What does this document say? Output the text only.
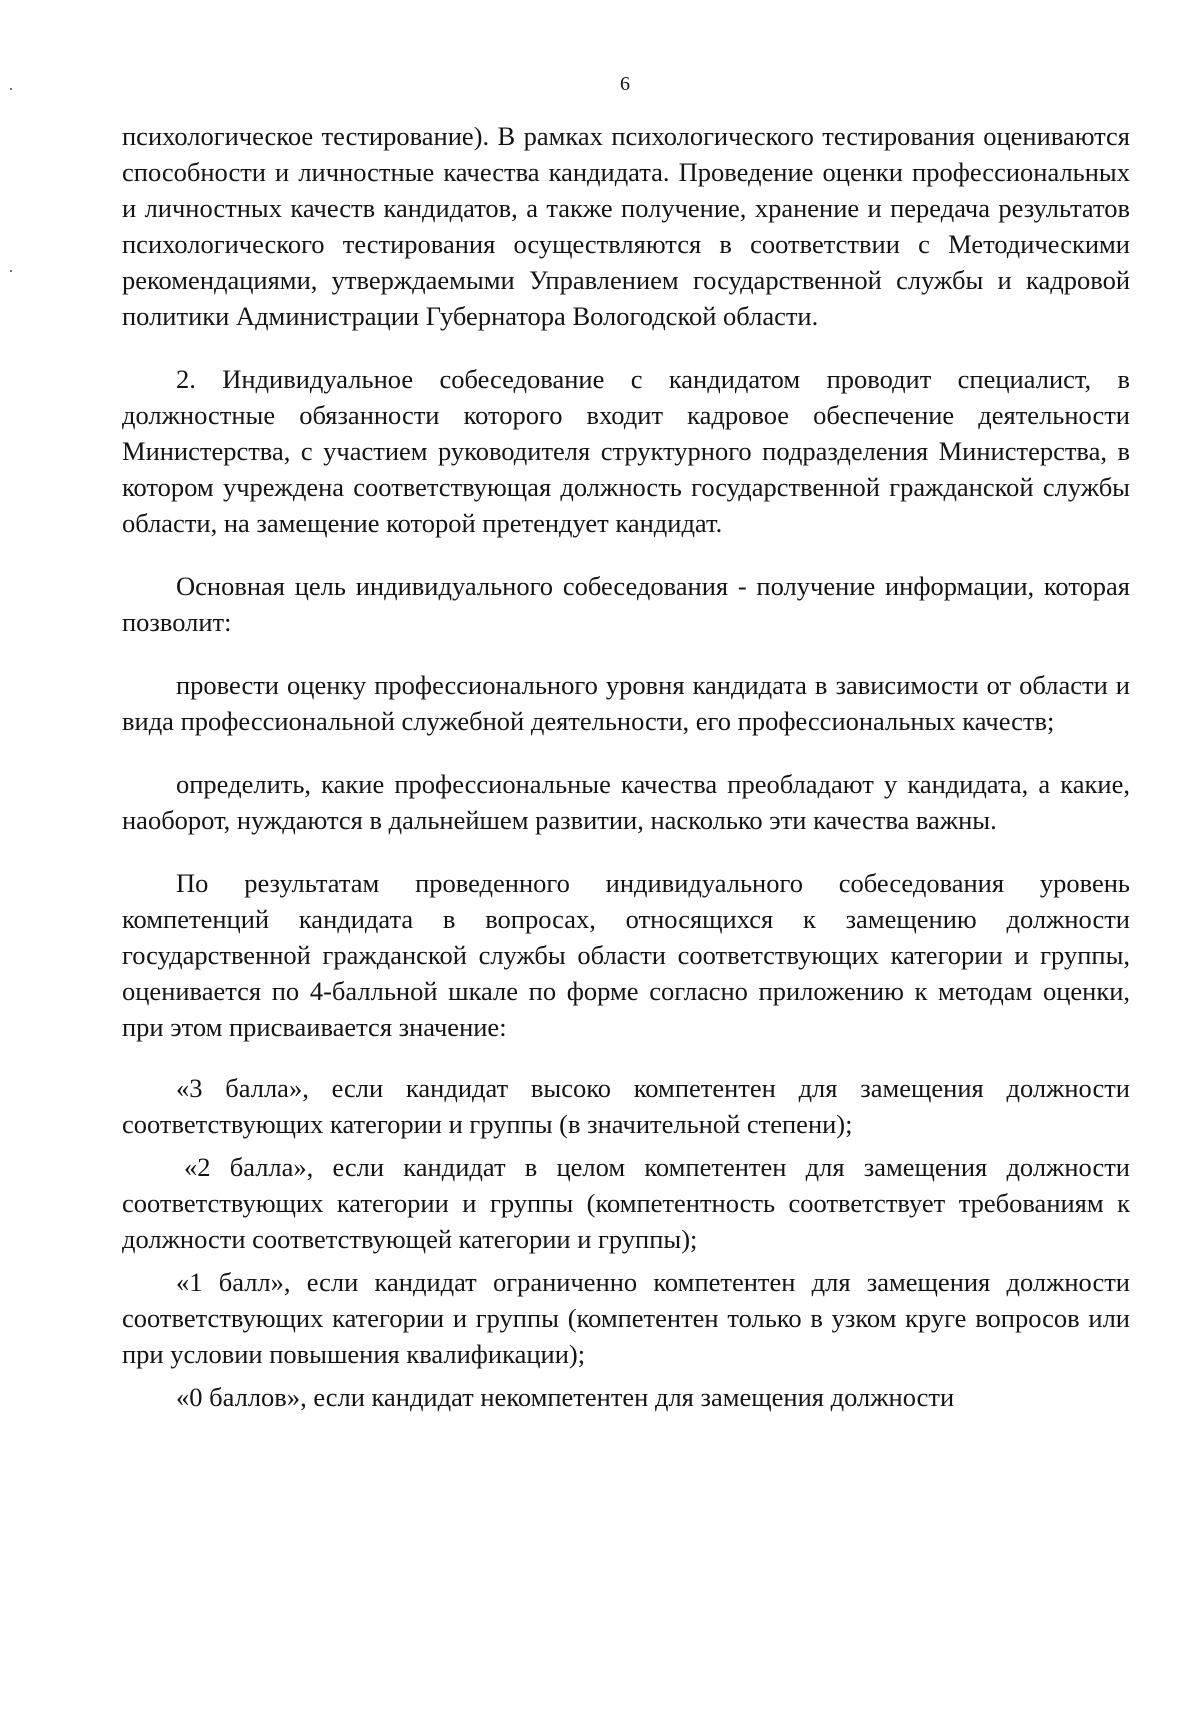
6

психологическое тестирование). В рамках психологического тестирования оцениваются способности и личностные качества кандидата. Проведение оценки профессиональных и личностных качеств кандидатов, а также получение, хранение и передача результатов психологического тестирования осуществляются в соответствии с Методическими рекомендациями, утверждаемыми Управлением государственной службы и кадровой политики Администрации Губернатора Вологодской области.

2. Индивидуальное собеседование с кандидатом проводит специалист, в должностные обязанности которого входит кадровое обеспечение деятельности Министерства, с участием руководителя структурного подразделения Министерства, в котором учреждена соответствующая должность государственной гражданской службы области, на замещение которой претендует кандидат.

Основная цель индивидуального собеседования - получение информации, которая позволит:

провести оценку профессионального уровня кандидата в зависимости от области и вида профессиональной служебной деятельности, его профессиональных качеств;

определить, какие профессиональные качества преобладают у кандидата, а какие, наоборот, нуждаются в дальнейшем развитии, насколько эти качества важны.

По результатам проведенного индивидуального собеседования уровень компетенций кандидата в вопросах, относящихся к замещению должности государственной гражданской службы области соответствующих категории и группы, оценивается по 4-балльной шкале по форме согласно приложению к методам оценки, при этом присваивается значение:

«3 балла», если кандидат высоко компетентен для замещения должности соответствующих категории и группы (в значительной степени);

«2 балла», если кандидат в целом компетентен для замещения должности соответствующих категории и группы (компетентность соответствует требованиям к должности соответствующей категории и группы);

«1 балл», если кандидат ограниченно компетентен для замещения должности соответствующих категории и группы (компетентен только в узком круге вопросов или при условии повышения квалификации);

«0 баллов», если кандидат некомпетентен для замещения должности
